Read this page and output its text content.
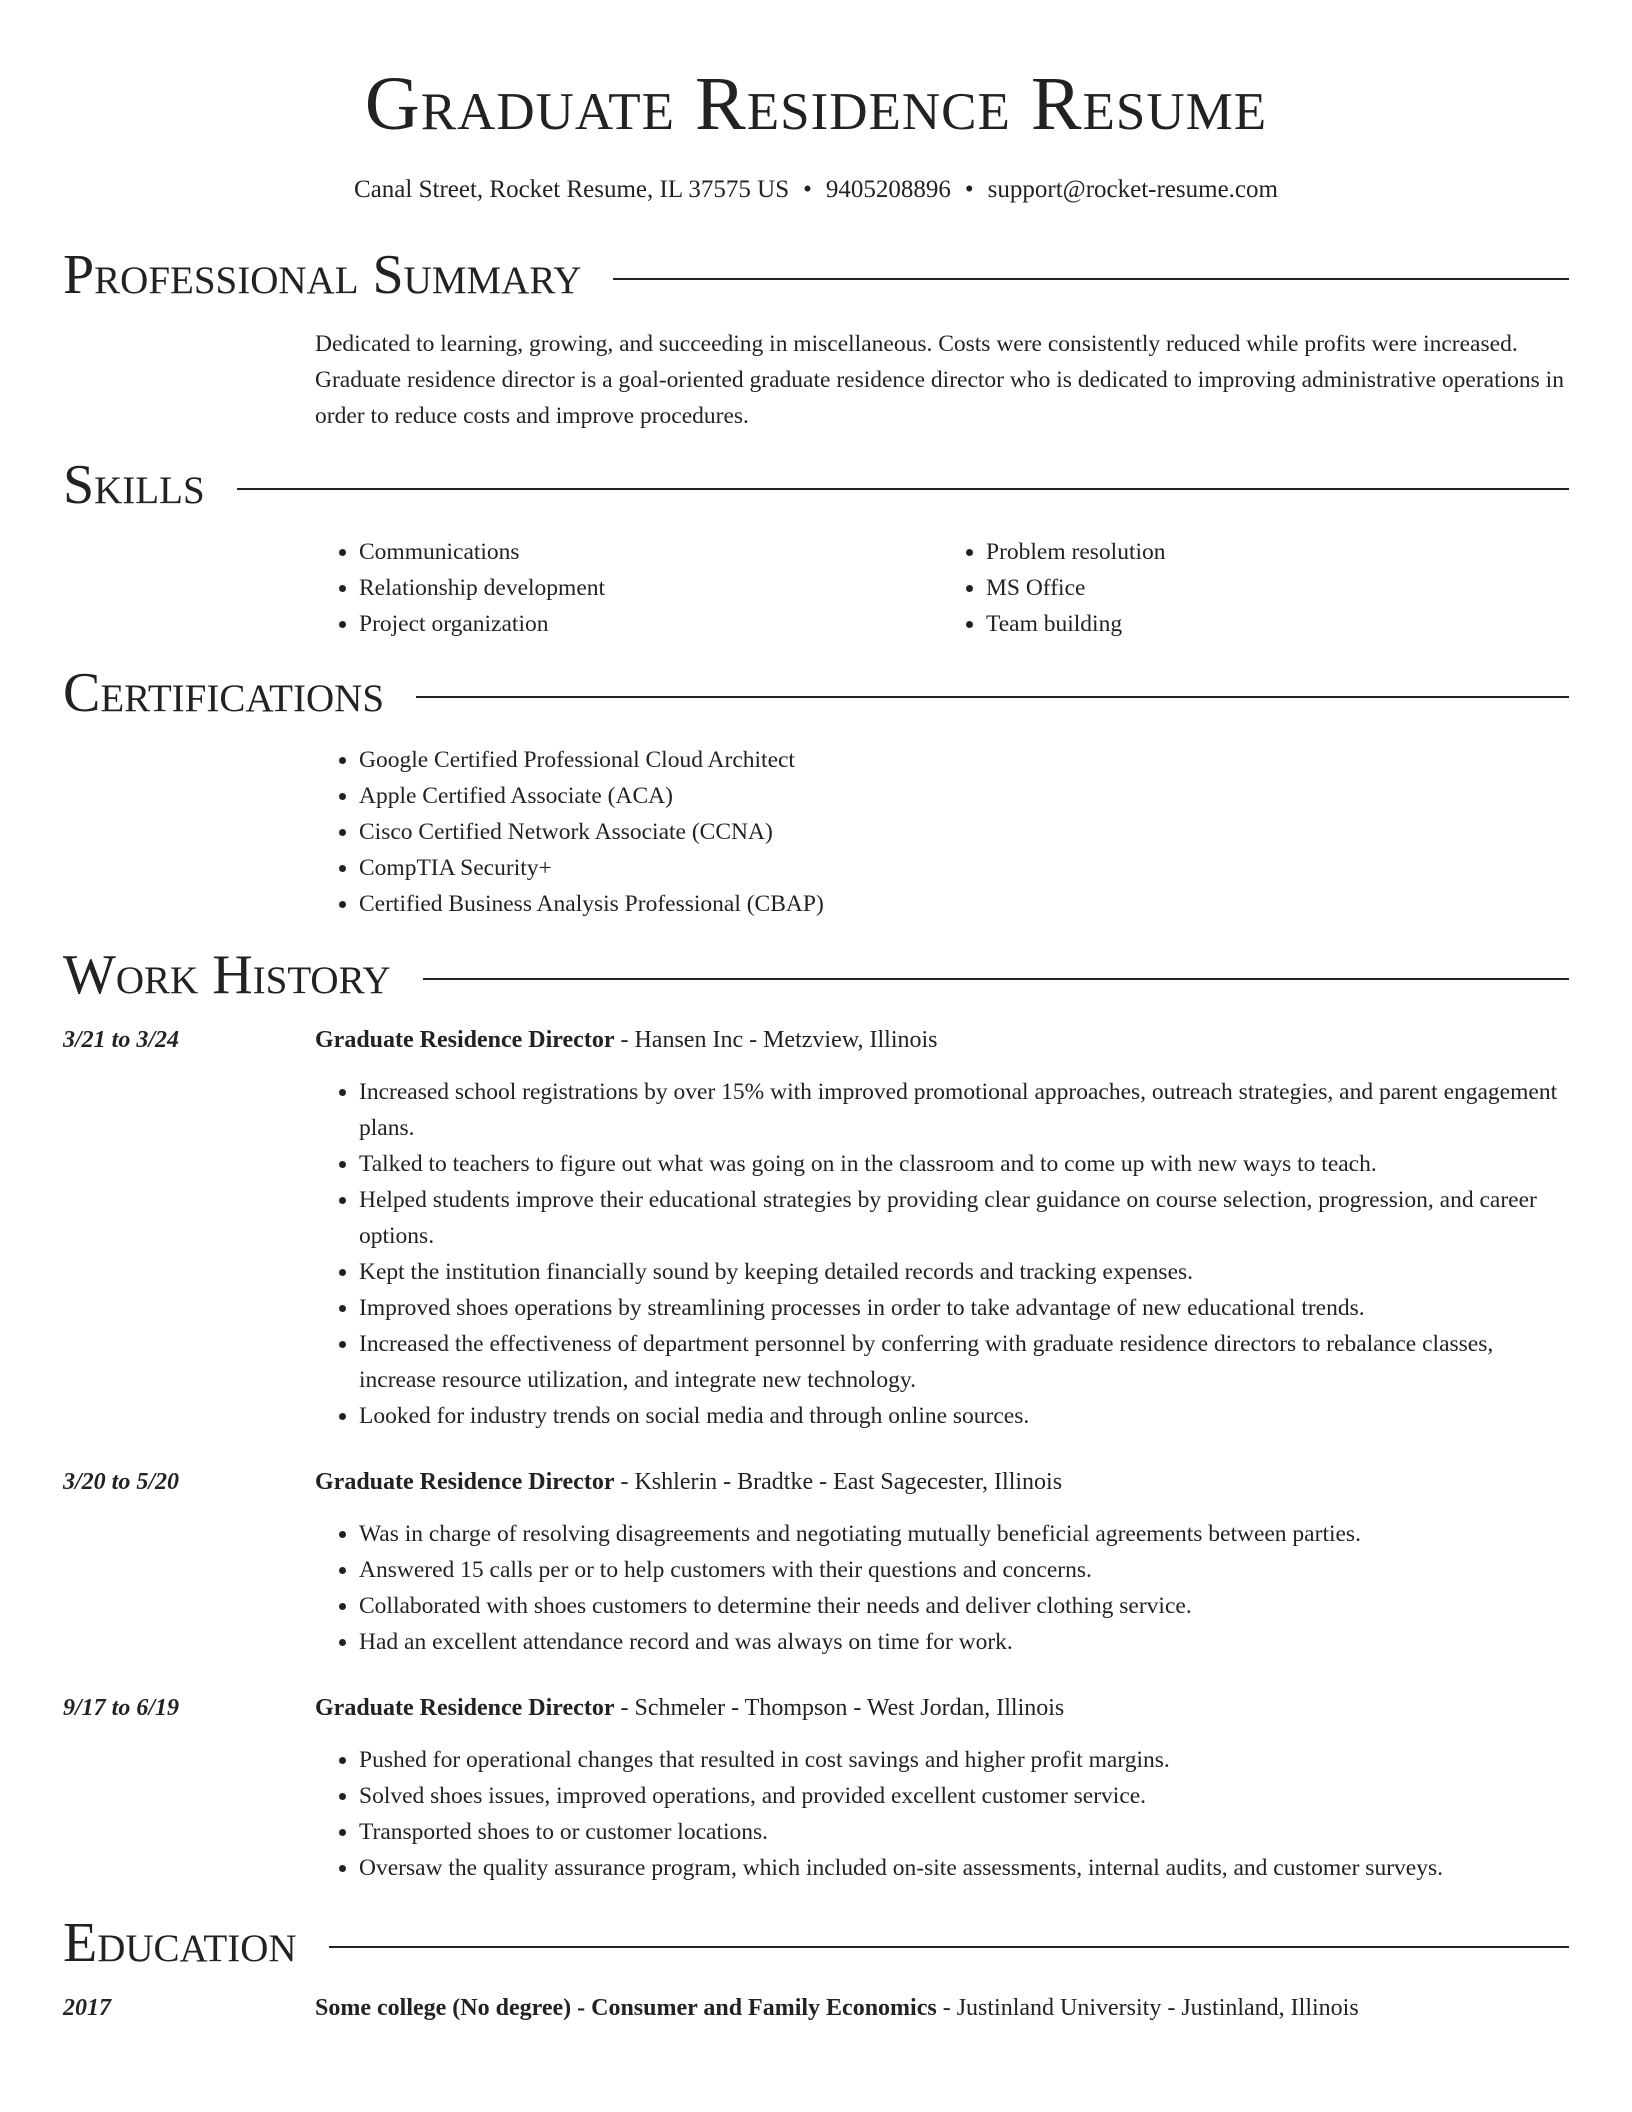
Graduate Residence Resume
Canal Street, Rocket Resume, IL 37575 US • 9405208896 • support@rocket-resume.com
Professional Summary
Dedicated to learning, growing, and succeeding in miscellaneous. Costs were consistently reduced while profits were increased. Graduate residence director is a goal-oriented graduate residence director who is dedicated to improving administrative operations in order to reduce costs and improve procedures.
Skills
• Communications
• Relationship development
• Project organization
• Problem resolution
• MS Office
• Team building
Certifications
• Google Certified Professional Cloud Architect
• Apple Certified Associate (ACA)
• Cisco Certified Network Associate (CCNA)
• CompTIA Security+
• Certified Business Analysis Professional (CBAP)
Work History
3/21 to 3/24	Graduate Residence Director - Hansen Inc - Metzview, Illinois
• Increased school registrations by over 15% with improved promotional approaches, outreach strategies, and parent engagement plans.
• Talked to teachers to figure out what was going on in the classroom and to come up with new ways to teach.
• Helped students improve their educational strategies by providing clear guidance on course selection, progression, and career options.
• Kept the institution financially sound by keeping detailed records and tracking expenses.
• Improved shoes operations by streamlining processes in order to take advantage of new educational trends.
• Increased the effectiveness of department personnel by conferring with graduate residence directors to rebalance classes, increase resource utilization, and integrate new technology.
• Looked for industry trends on social media and through online sources.
3/20 to 5/20	Graduate Residence Director - Kshlerin - Bradtke - East Sagecester, Illinois
• Was in charge of resolving disagreements and negotiating mutually beneficial agreements between parties.
• Answered 15 calls per or to help customers with their questions and concerns.
• Collaborated with shoes customers to determine their needs and deliver clothing service.
• Had an excellent attendance record and was always on time for work.
9/17 to 6/19	Graduate Residence Director - Schmeler - Thompson - West Jordan, Illinois
• Pushed for operational changes that resulted in cost savings and higher profit margins.
• Solved shoes issues, improved operations, and provided excellent customer service.
• Transported shoes to or customer locations.
• Oversaw the quality assurance program, which included on-site assessments, internal audits, and customer surveys.
Education
2017	Some college (No degree) - Consumer and Family Economics - Justinland University - Justinland, Illinois
